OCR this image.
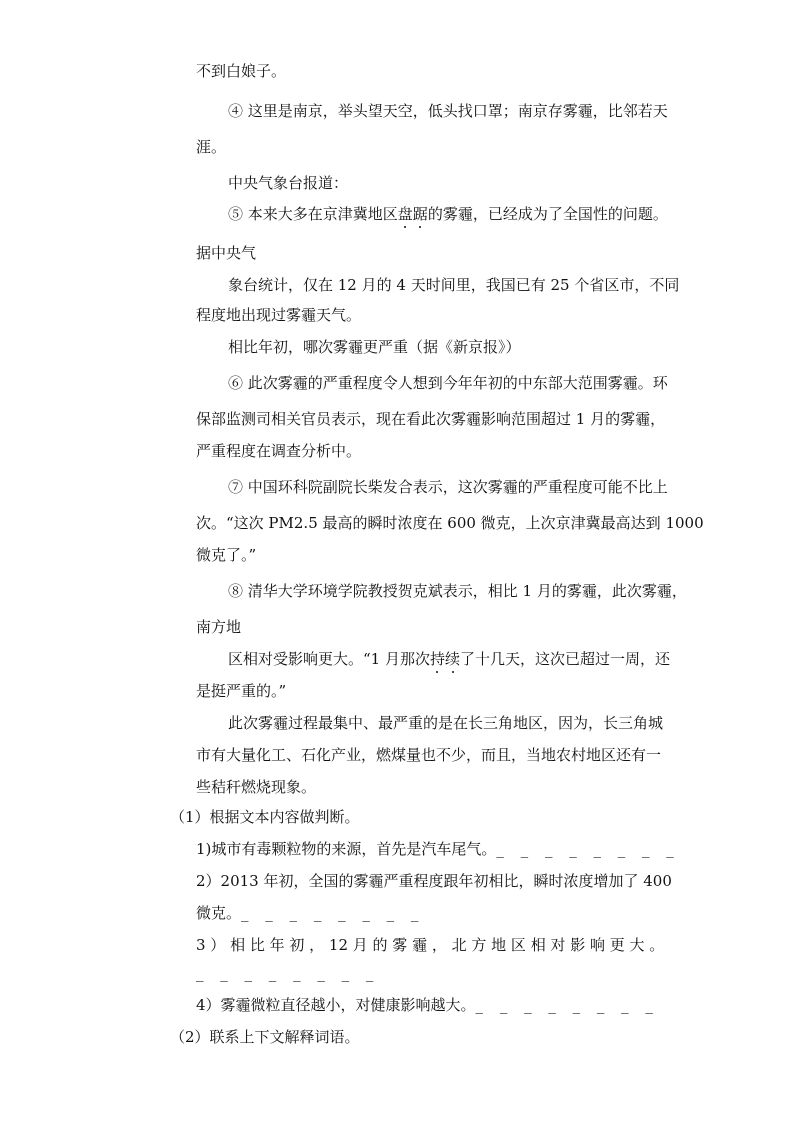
不到白娘子。
④ 这里是南京，举头望天空，低头找口罩；南京存雾霾，比邻若天
涯。
中央气象台报道：
⑤ 本来大多在京津冀地区盘踞的雾霾，已经成为了全国性的问题。
据中央气
象台统计，仅在 12 月的 4 天时间里，我国已有 25 个省区市，不同
程度地出现过雾霾天气。
相比年初，哪次雾霾更严重（据《新京报》）
⑥ 此次雾霾的严重程度令人想到今年年初的中东部大范围雾霾。环
保部监测司相关官员表示，现在看此次雾霾影响范围超过 1 月的雾霾，
严重程度在调查分析中。
⑦ 中国环科院副院长柴发合表示，这次雾霾的严重程度可能不比上
次。“这次 PM2.5 最高的瞬时浓度在 600 微克，上次京津冀最高达到 1000
微克了。”
⑧ 清华大学环境学院教授贺克斌表示，相比 1 月的雾霾，此次雾霾，
南方地
区相对受影响更大。“1 月那次持续了十几天，这次已超过一周，还
是挺严重的。”
此次雾霾过程最集中、最严重的是在长三角地区，因为，长三角城
市有大量化工、石化产业，燃煤量也不少，而且，当地农村地区还有一
些秸秆燃烧现象。
（1）根据文本内容做判断。
1)城市有毒颗粒物的来源，首先是汽车尾气。_ _ _ _ _ _ _ _
2）2013 年初，全国的雾霾严重程度跟年初相比，瞬时浓度增加了 400
微克。_ _ _ _ _ _ _ _
3 ） 相 比 年 初 ， 12 月 的 雾 霾 ， 北 方 地 区 相 对 影 响 更 大 。
_ _ _ _ _ _ _ _
4）雾霾微粒直径越小，对健康影响越大。_ _ _ _ _ _ _ _
（2）联系上下文解释词语。
